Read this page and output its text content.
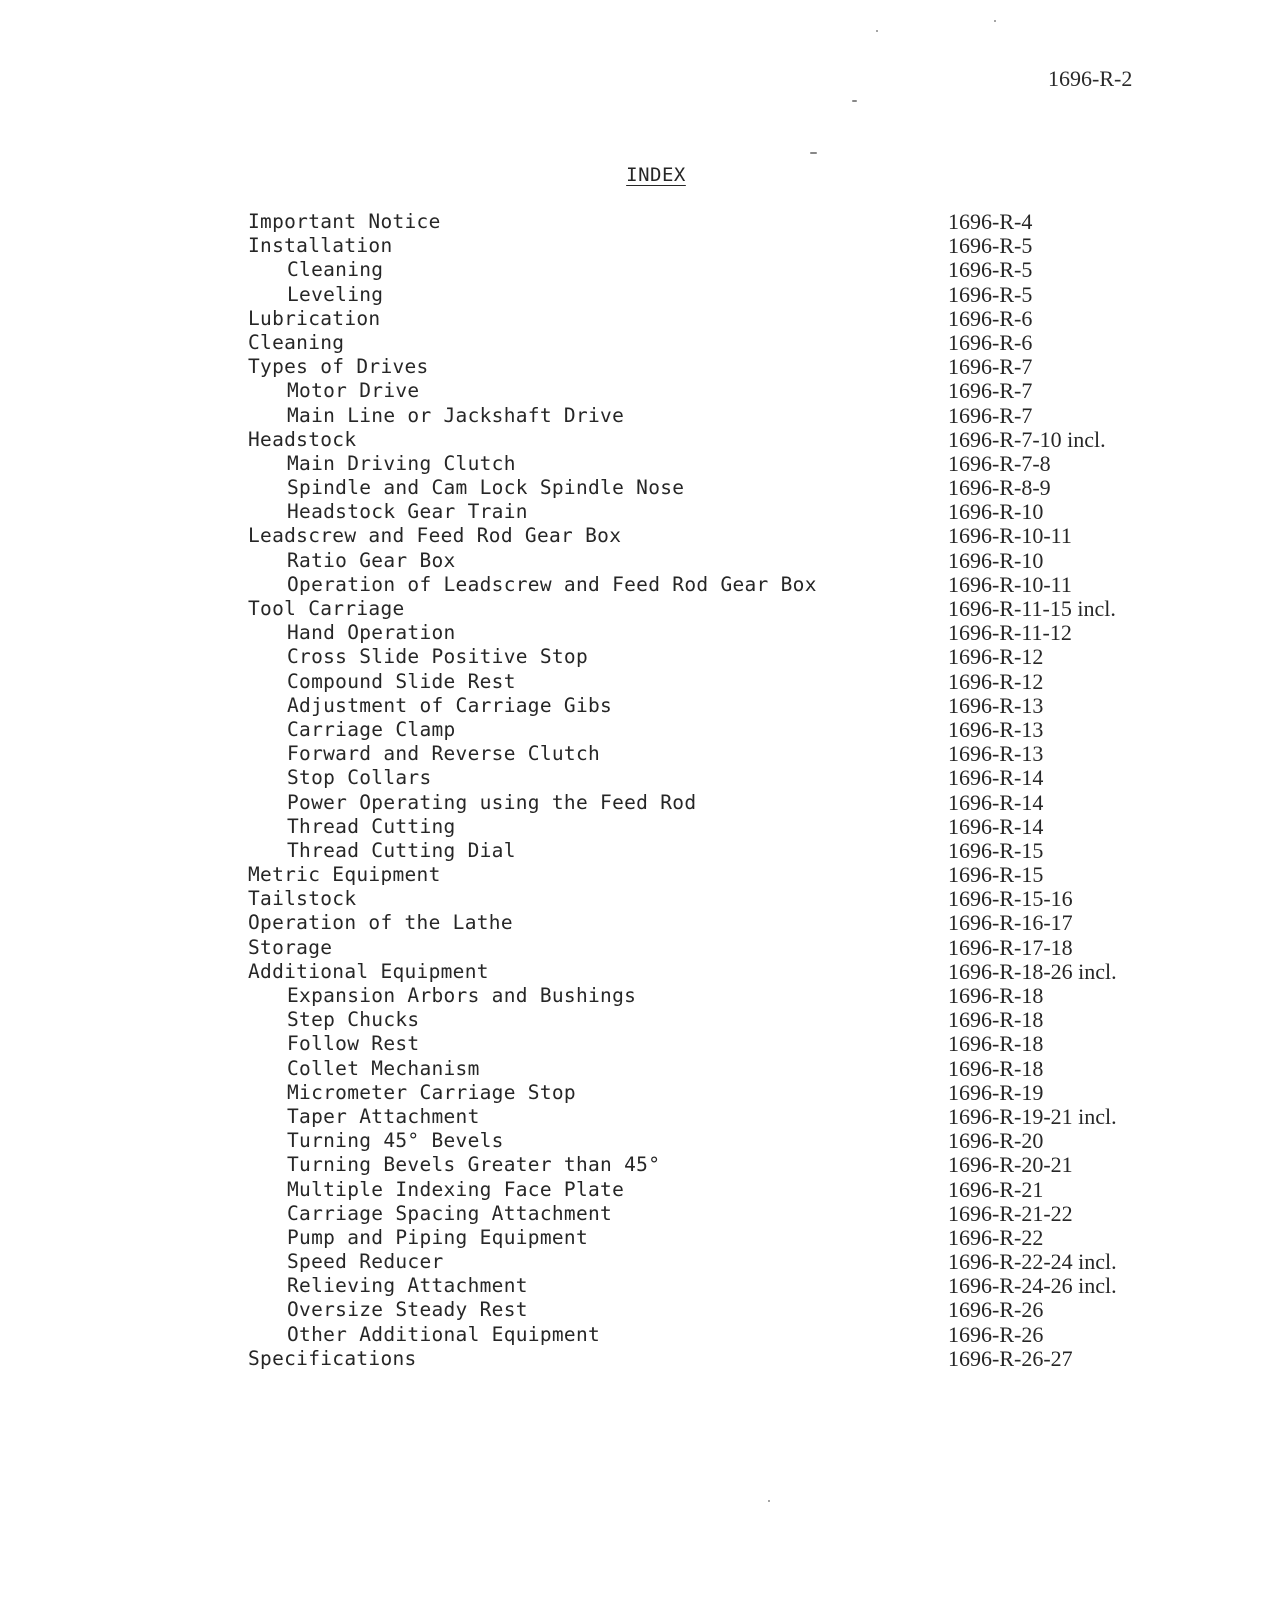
1696-R-2
INDEX
Important Notice	1696-R-4
Installation	1696-R-5
Cleaning	1696-R-5
Leveling	1696-R-5
Lubrication	1696-R-6
Cleaning	1696-R-6
Types of Drives	1696-R-7
Motor Drive	1696-R-7
Main Line or Jackshaft Drive	1696-R-7
Headstock	1696-R-7-10 incl.
Main Driving Clutch	1696-R-7-8
Spindle and Cam Lock Spindle Nose	1696-R-8-9
Headstock Gear Train	1696-R-10
Leadscrew and Feed Rod Gear Box	1696-R-10-11
Ratio Gear Box	1696-R-10
Operation of Leadscrew and Feed Rod Gear Box	1696-R-10-11
Tool Carriage	1696-R-11-15 incl.
Hand Operation	1696-R-11-12
Cross Slide Positive Stop	1696-R-12
Compound Slide Rest	1696-R-12
Adjustment of Carriage Gibs	1696-R-13
Carriage Clamp	1696-R-13
Forward and Reverse Clutch	1696-R-13
Stop Collars	1696-R-14
Power Operating using the Feed Rod	1696-R-14
Thread Cutting	1696-R-14
Thread Cutting Dial	1696-R-15
Metric Equipment	1696-R-15
Tailstock	1696-R-15-16
Operation of the Lathe	1696-R-16-17
Storage	1696-R-17-18
Additional Equipment	1696-R-18-26 incl.
Expansion Arbors and Bushings	1696-R-18
Step Chucks	1696-R-18
Follow Rest	1696-R-18
Collet Mechanism	1696-R-18
Micrometer Carriage Stop	1696-R-19
Taper Attachment	1696-R-19-21 incl.
Turning 45° Bevels	1696-R-20
Turning Bevels Greater than 45°	1696-R-20-21
Multiple Indexing Face Plate	1696-R-21
Carriage Spacing Attachment	1696-R-21-22
Pump and Piping Equipment	1696-R-22
Speed Reducer	1696-R-22-24 incl.
Relieving Attachment	1696-R-24-26 incl.
Oversize Steady Rest	1696-R-26
Other Additional Equipment	1696-R-26
Specifications	1696-R-26-27
